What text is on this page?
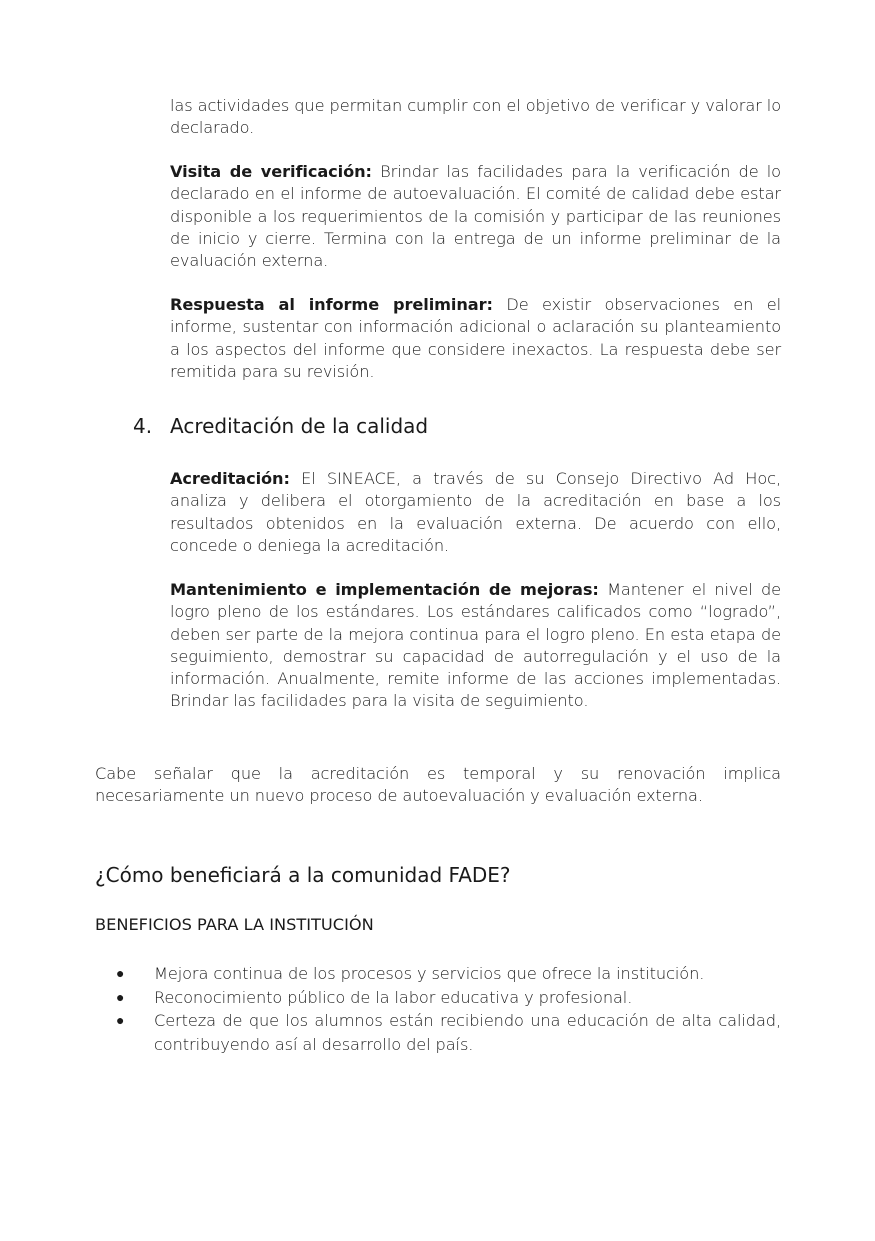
las actividades que permitan cumplir con el objetivo de verificar y valorar lo declarado.

Visita de verificación: Brindar las facilidades para la verificación de lo declarado en el informe de autoevaluación. El comité de calidad debe estar disponible a los requerimientos de la comisión y participar de las reuniones de inicio y cierre. Termina con la entrega de un informe preliminar de la evaluación externa.

Respuesta al informe preliminar: De existir observaciones en el informe, sustentar con información adicional o aclaración su planteamiento a los aspectos del informe que considere inexactos. La respuesta debe ser remitida para su revisión.

4. Acreditación de la calidad

Acreditación: El SINEACE, a través de su Consejo Directivo Ad Hoc, analiza y delibera el otorgamiento de la acreditación en base a los resultados obtenidos en la evaluación externa. De acuerdo con ello, concede o deniega la acreditación.

Mantenimiento e implementación de mejoras: Mantener el nivel de logro pleno de los estándares. Los estándares calificados como “logrado”, deben ser parte de la mejora continua para el logro pleno. En esta etapa de seguimiento, demostrar su capacidad de autorregulación y el uso de la información. Anualmente, remite informe de las acciones implementadas. Brindar las facilidades para la visita de seguimiento.

Cabe señalar que la acreditación es temporal y su renovación implica necesariamente un nuevo proceso de autoevaluación y evaluación externa.

¿Cómo beneficiará a la comunidad FADE?
BENEFICIOS PARA LA INSTITUCIÓN
● Mejora continua de los procesos y servicios que ofrece la institución.
● Reconocimiento público de la labor educativa y profesional.
● Certeza de que los alumnos están recibiendo una educación de alta calidad, contribuyendo así al desarrollo del país.
